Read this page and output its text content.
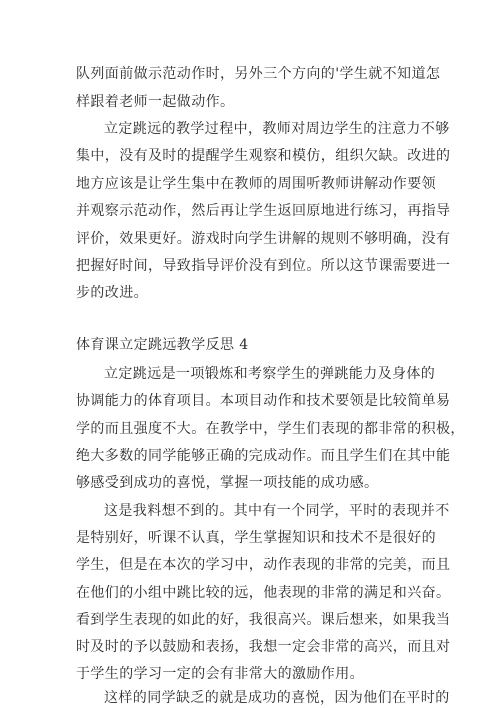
队列面前做示范动作时，另外三个方向的'学生就不知道怎
样跟着老师一起做动作。
立定跳远的教学过程中，教师对周边学生的注意力不够
集中，没有及时的提醒学生观察和模仿，组织欠缺。改进的
地方应该是让学生集中在教师的周围听教师讲解动作要领
并观察示范动作，然后再让学生返回原地进行练习，再指导
评价，效果更好。游戏时向学生讲解的规则不够明确，没有
把握好时间，导致指导评价没有到位。所以这节课需要进一
步的改进。
体育课立定跳远教学反思 4
立定跳远是一项锻炼和考察学生的弹跳能力及身体的
协调能力的体育项目。本项目动作和技术要领是比较简单易
学的而且强度不大。在教学中，学生们表现的都非常的积极，
绝大多数的同学能够正确的完成动作。而且学生们在其中能
够感受到成功的喜悦，掌握一项技能的成功感。
这是我料想不到的。其中有一个同学，平时的表现并不
是特别好，听课不认真，学生掌握知识和技术不是很好的
学生，但是在本次的学习中，动作表现的非常的完美，而且
在他们的小组中跳比较的远，他表现的非常的满足和兴奋。
看到学生表现的如此的好，我很高兴。课后想来，如果我当
时及时的予以鼓励和表扬，我想一定会非常的高兴，而且对
于学生的学习一定的会有非常大的激励作用。
这样的同学缺乏的就是成功的喜悦，因为他们在平时的
